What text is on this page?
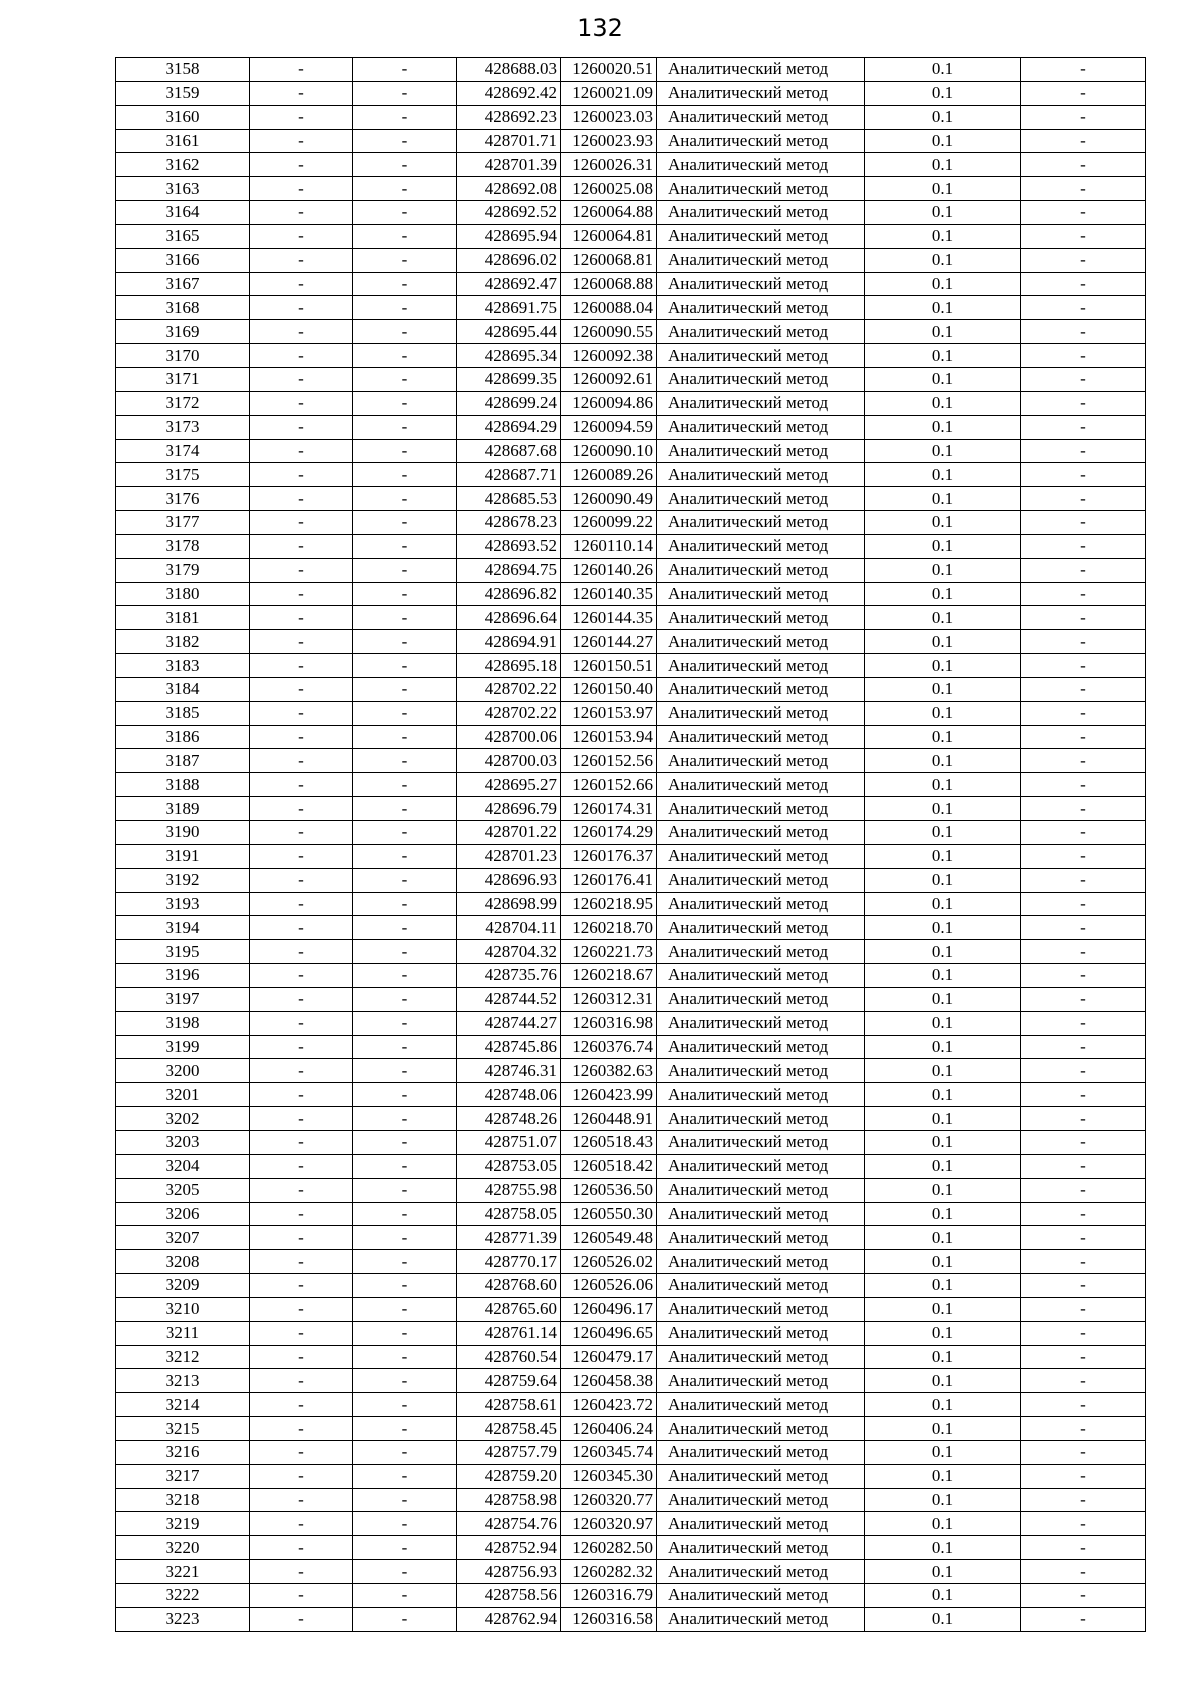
132
3158	-	-	428688.03	1260020.51	Аналитический метод	0.1	-
3159	-	-	428692.42	1260021.09	Аналитический метод	0.1	-
3160	-	-	428692.23	1260023.03	Аналитический метод	0.1	-
3161	-	-	428701.71	1260023.93	Аналитический метод	0.1	-
3162	-	-	428701.39	1260026.31	Аналитический метод	0.1	-
3163	-	-	428692.08	1260025.08	Аналитический метод	0.1	-
3164	-	-	428692.52	1260064.88	Аналитический метод	0.1	-
3165	-	-	428695.94	1260064.81	Аналитический метод	0.1	-
3166	-	-	428696.02	1260068.81	Аналитический метод	0.1	-
3167	-	-	428692.47	1260068.88	Аналитический метод	0.1	-
3168	-	-	428691.75	1260088.04	Аналитический метод	0.1	-
3169	-	-	428695.44	1260090.55	Аналитический метод	0.1	-
3170	-	-	428695.34	1260092.38	Аналитический метод	0.1	-
3171	-	-	428699.35	1260092.61	Аналитический метод	0.1	-
3172	-	-	428699.24	1260094.86	Аналитический метод	0.1	-
3173	-	-	428694.29	1260094.59	Аналитический метод	0.1	-
3174	-	-	428687.68	1260090.10	Аналитический метод	0.1	-
3175	-	-	428687.71	1260089.26	Аналитический метод	0.1	-
3176	-	-	428685.53	1260090.49	Аналитический метод	0.1	-
3177	-	-	428678.23	1260099.22	Аналитический метод	0.1	-
3178	-	-	428693.52	1260110.14	Аналитический метод	0.1	-
3179	-	-	428694.75	1260140.26	Аналитический метод	0.1	-
3180	-	-	428696.82	1260140.35	Аналитический метод	0.1	-
3181	-	-	428696.64	1260144.35	Аналитический метод	0.1	-
3182	-	-	428694.91	1260144.27	Аналитический метод	0.1	-
3183	-	-	428695.18	1260150.51	Аналитический метод	0.1	-
3184	-	-	428702.22	1260150.40	Аналитический метод	0.1	-
3185	-	-	428702.22	1260153.97	Аналитический метод	0.1	-
3186	-	-	428700.06	1260153.94	Аналитический метод	0.1	-
3187	-	-	428700.03	1260152.56	Аналитический метод	0.1	-
3188	-	-	428695.27	1260152.66	Аналитический метод	0.1	-
3189	-	-	428696.79	1260174.31	Аналитический метод	0.1	-
3190	-	-	428701.22	1260174.29	Аналитический метод	0.1	-
3191	-	-	428701.23	1260176.37	Аналитический метод	0.1	-
3192	-	-	428696.93	1260176.41	Аналитический метод	0.1	-
3193	-	-	428698.99	1260218.95	Аналитический метод	0.1	-
3194	-	-	428704.11	1260218.70	Аналитический метод	0.1	-
3195	-	-	428704.32	1260221.73	Аналитический метод	0.1	-
3196	-	-	428735.76	1260218.67	Аналитический метод	0.1	-
3197	-	-	428744.52	1260312.31	Аналитический метод	0.1	-
3198	-	-	428744.27	1260316.98	Аналитический метод	0.1	-
3199	-	-	428745.86	1260376.74	Аналитический метод	0.1	-
3200	-	-	428746.31	1260382.63	Аналитический метод	0.1	-
3201	-	-	428748.06	1260423.99	Аналитический метод	0.1	-
3202	-	-	428748.26	1260448.91	Аналитический метод	0.1	-
3203	-	-	428751.07	1260518.43	Аналитический метод	0.1	-
3204	-	-	428753.05	1260518.42	Аналитический метод	0.1	-
3205	-	-	428755.98	1260536.50	Аналитический метод	0.1	-
3206	-	-	428758.05	1260550.30	Аналитический метод	0.1	-
3207	-	-	428771.39	1260549.48	Аналитический метод	0.1	-
3208	-	-	428770.17	1260526.02	Аналитический метод	0.1	-
3209	-	-	428768.60	1260526.06	Аналитический метод	0.1	-
3210	-	-	428765.60	1260496.17	Аналитический метод	0.1	-
3211	-	-	428761.14	1260496.65	Аналитический метод	0.1	-
3212	-	-	428760.54	1260479.17	Аналитический метод	0.1	-
3213	-	-	428759.64	1260458.38	Аналитический метод	0.1	-
3214	-	-	428758.61	1260423.72	Аналитический метод	0.1	-
3215	-	-	428758.45	1260406.24	Аналитический метод	0.1	-
3216	-	-	428757.79	1260345.74	Аналитический метод	0.1	-
3217	-	-	428759.20	1260345.30	Аналитический метод	0.1	-
3218	-	-	428758.98	1260320.77	Аналитический метод	0.1	-
3219	-	-	428754.76	1260320.97	Аналитический метод	0.1	-
3220	-	-	428752.94	1260282.50	Аналитический метод	0.1	-
3221	-	-	428756.93	1260282.32	Аналитический метод	0.1	-
3222	-	-	428758.56	1260316.79	Аналитический метод	0.1	-
3223	-	-	428762.94	1260316.58	Аналитический метод	0.1	-
